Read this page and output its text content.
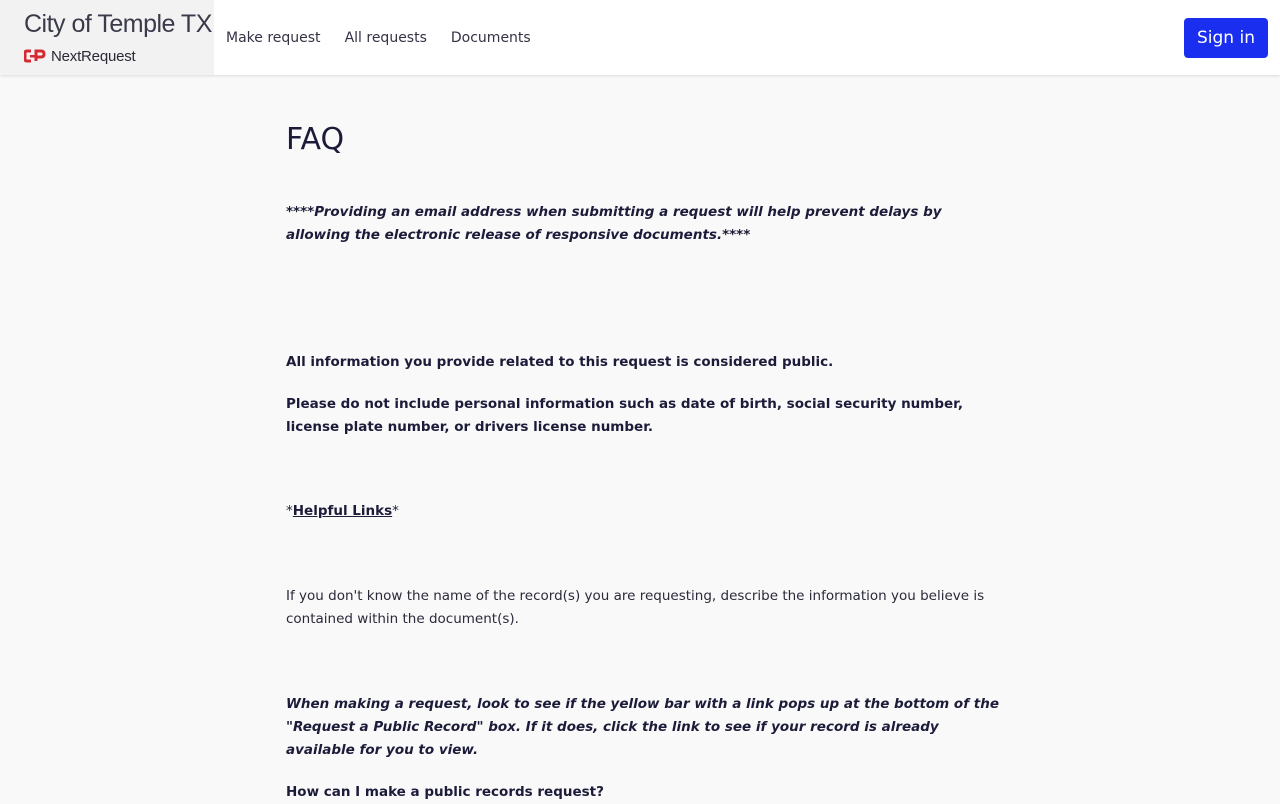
City of Temple TX
NextRequest
Make request All requests Documents	Sign in
FAQ

****Providing an email address when submitting a request will help prevent delays by allowing the electronic release of responsive documents.****

All information you provide related to this request is considered public.

Please do not include personal information such as date of birth, social security number, license plate number, or drivers license number.

*Helpful Links*

If you don't know the name of the record(s) you are requesting, describe the information you believe is contained within the document(s).

When making a request, look to see if the yellow bar with a link pops up at the bottom of the "Request a Public Record" box. If it does, click the link to see if your record is already available for you to view.

How can I make a public records request?
